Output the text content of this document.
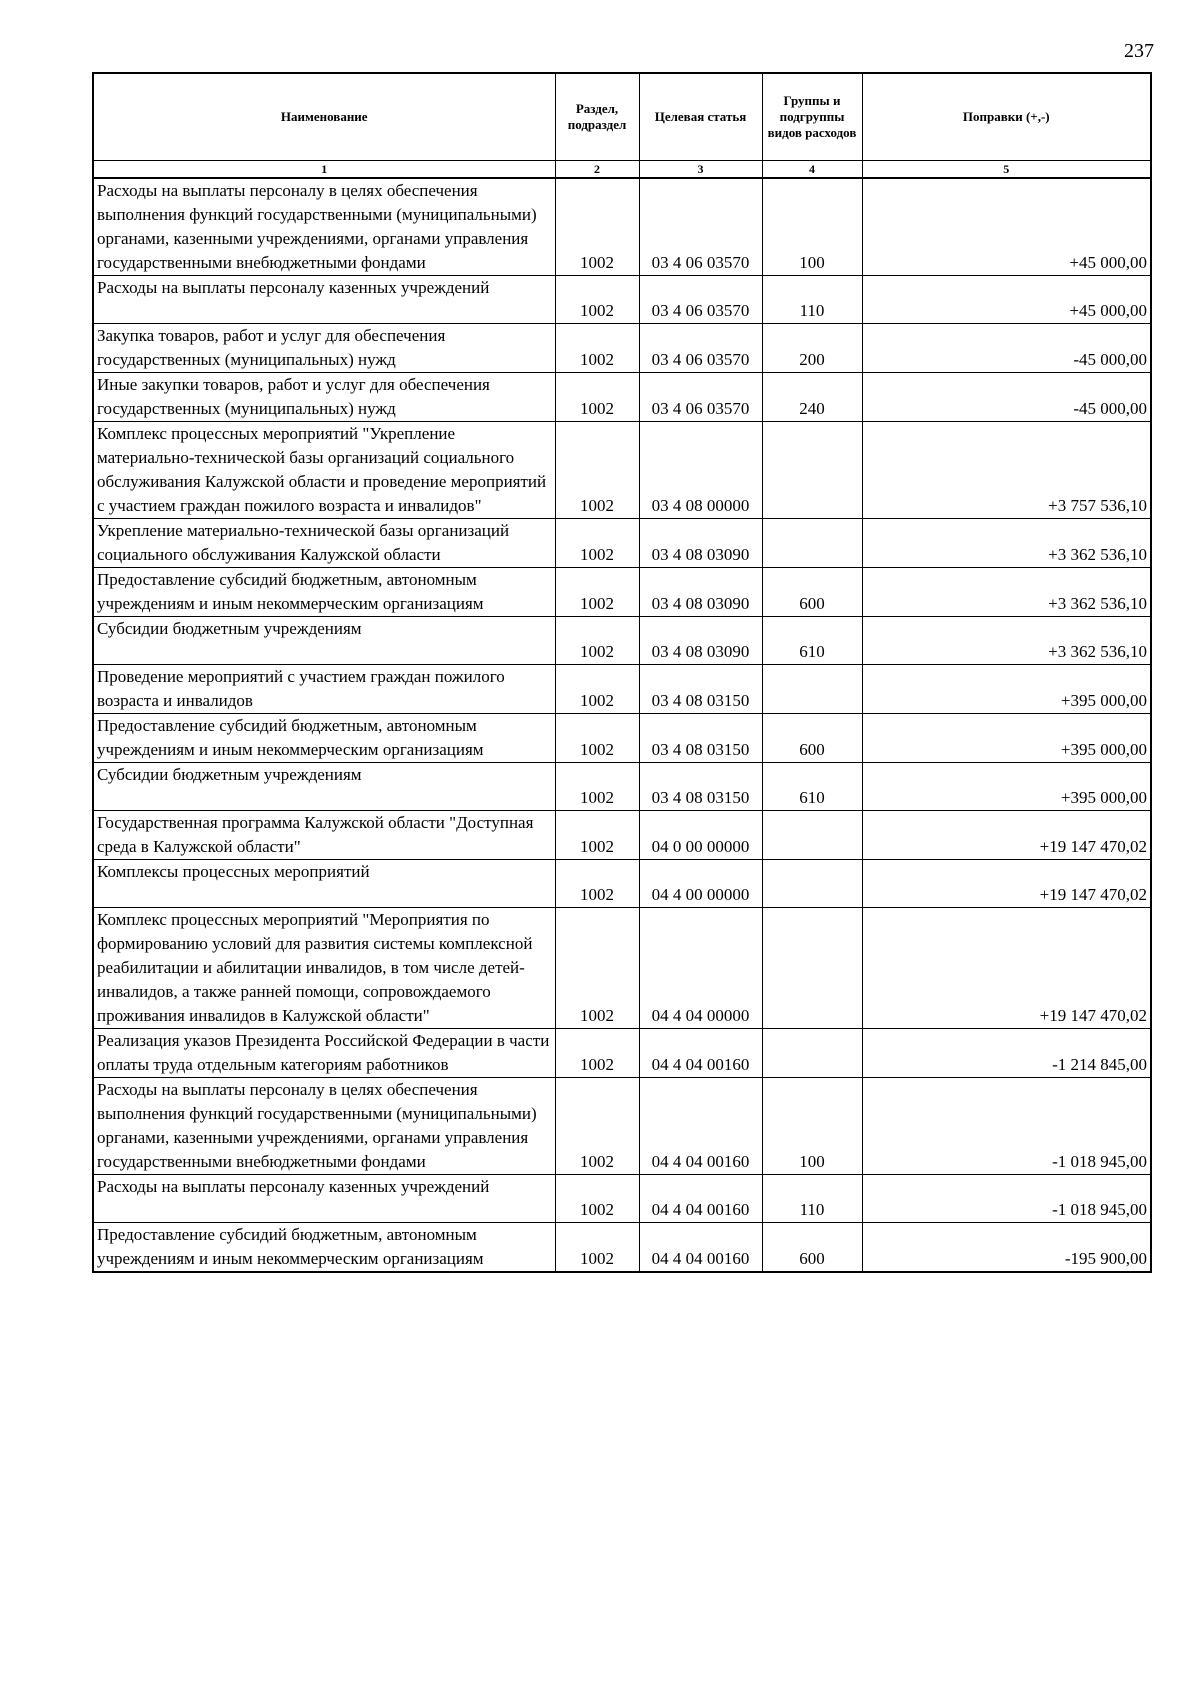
237
Наименование	Раздел, подраздел	Целевая статья	Группы и подгруппы видов расходов	Поправки (+,-)
1	2	3	4	5
Расходы на выплаты персоналу в целях обеспечения выполнения функций государственными (муниципальными) органами, казенными учреждениями, органами управления государственными внебюджетными фондами	1002	03 4 06 03570	100	+45 000,00
Расходы на выплаты персоналу казенных учреждений	1002	03 4 06 03570	110	+45 000,00
Закупка товаров, работ и услуг для обеспечения государственных (муниципальных) нужд	1002	03 4 06 03570	200	-45 000,00
Иные закупки товаров, работ и услуг для обеспечения государственных (муниципальных) нужд	1002	03 4 06 03570	240	-45 000,00
Комплекс процессных мероприятий "Укрепление материально-технической базы организаций социального обслуживания Калужской области и проведение мероприятий с участием граждан пожилого возраста и инвалидов"	1002	03 4 08 00000		+3 757 536,10
Укрепление материально-технической базы организаций социального обслуживания Калужской области	1002	03 4 08 03090		+3 362 536,10
Предоставление субсидий бюджетным, автономным учреждениям и иным некоммерческим организациям	1002	03 4 08 03090	600	+3 362 536,10
Субсидии бюджетным учреждениям	1002	03 4 08 03090	610	+3 362 536,10
Проведение мероприятий с участием граждан пожилого возраста и инвалидов	1002	03 4 08 03150		+395 000,00
Предоставление субсидий бюджетным, автономным учреждениям и иным некоммерческим организациям	1002	03 4 08 03150	600	+395 000,00
Субсидии бюджетным учреждениям	1002	03 4 08 03150	610	+395 000,00
Государственная программа Калужской области "Доступная среда в Калужской области"	1002	04 0 00 00000		+19 147 470,02
Комплексы процессных мероприятий	1002	04 4 00 00000		+19 147 470,02
Комплекс процессных мероприятий "Мероприятия по формированию условий для развития системы комплексной реабилитации и абилитации инвалидов, в том числе детей-инвалидов, а также ранней помощи, сопровождаемого проживания инвалидов в Калужской области"	1002	04 4 04 00000		+19 147 470,02
Реализация указов Президента Российской Федерации в части оплаты труда отдельным категориям работников	1002	04 4 04 00160		-1 214 845,00
Расходы на выплаты персоналу в целях обеспечения выполнения функций государственными (муниципальными) органами, казенными учреждениями, органами управления государственными внебюджетными фондами	1002	04 4 04 00160	100	-1 018 945,00
Расходы на выплаты персоналу казенных учреждений	1002	04 4 04 00160	110	-1 018 945,00
Предоставление субсидий бюджетным, автономным учреждениям и иным некоммерческим организациям	1002	04 4 04 00160	600	-195 900,00
